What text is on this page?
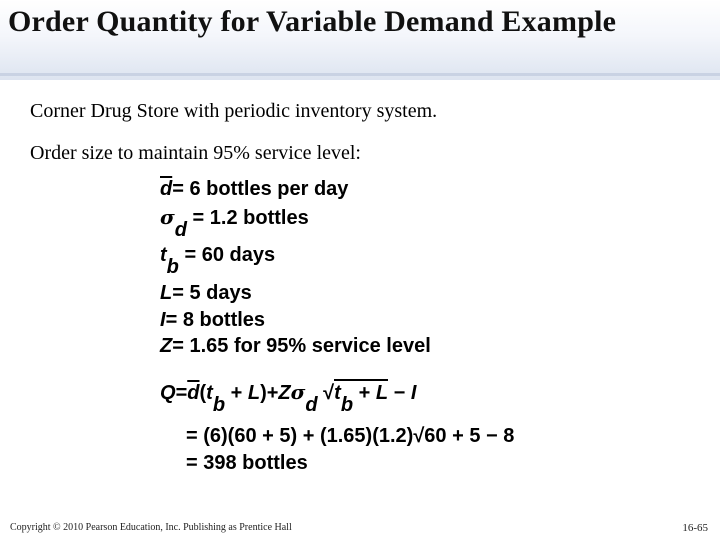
Order Quantity for Variable Demand Example
Corner Drug Store with periodic inventory system.
Order size to maintain 95% service level:
$\overline{d}= 6$ bottles per day
σd = 1.2 bottles
tb = 60 days
L= 5 days
I= 8 bottles
Z= 1.65 for 95% service level
$Q=\overline{d}(tb + L)+Z\sigma d$ √tb + L − I
= (6)(60 + 5) + (1.65)(1.2)√60 + 5 − 8
= 398 bottles
Copyright © 2010 Pearson Education, Inc. Publishing as Prentice Hall	16-65
